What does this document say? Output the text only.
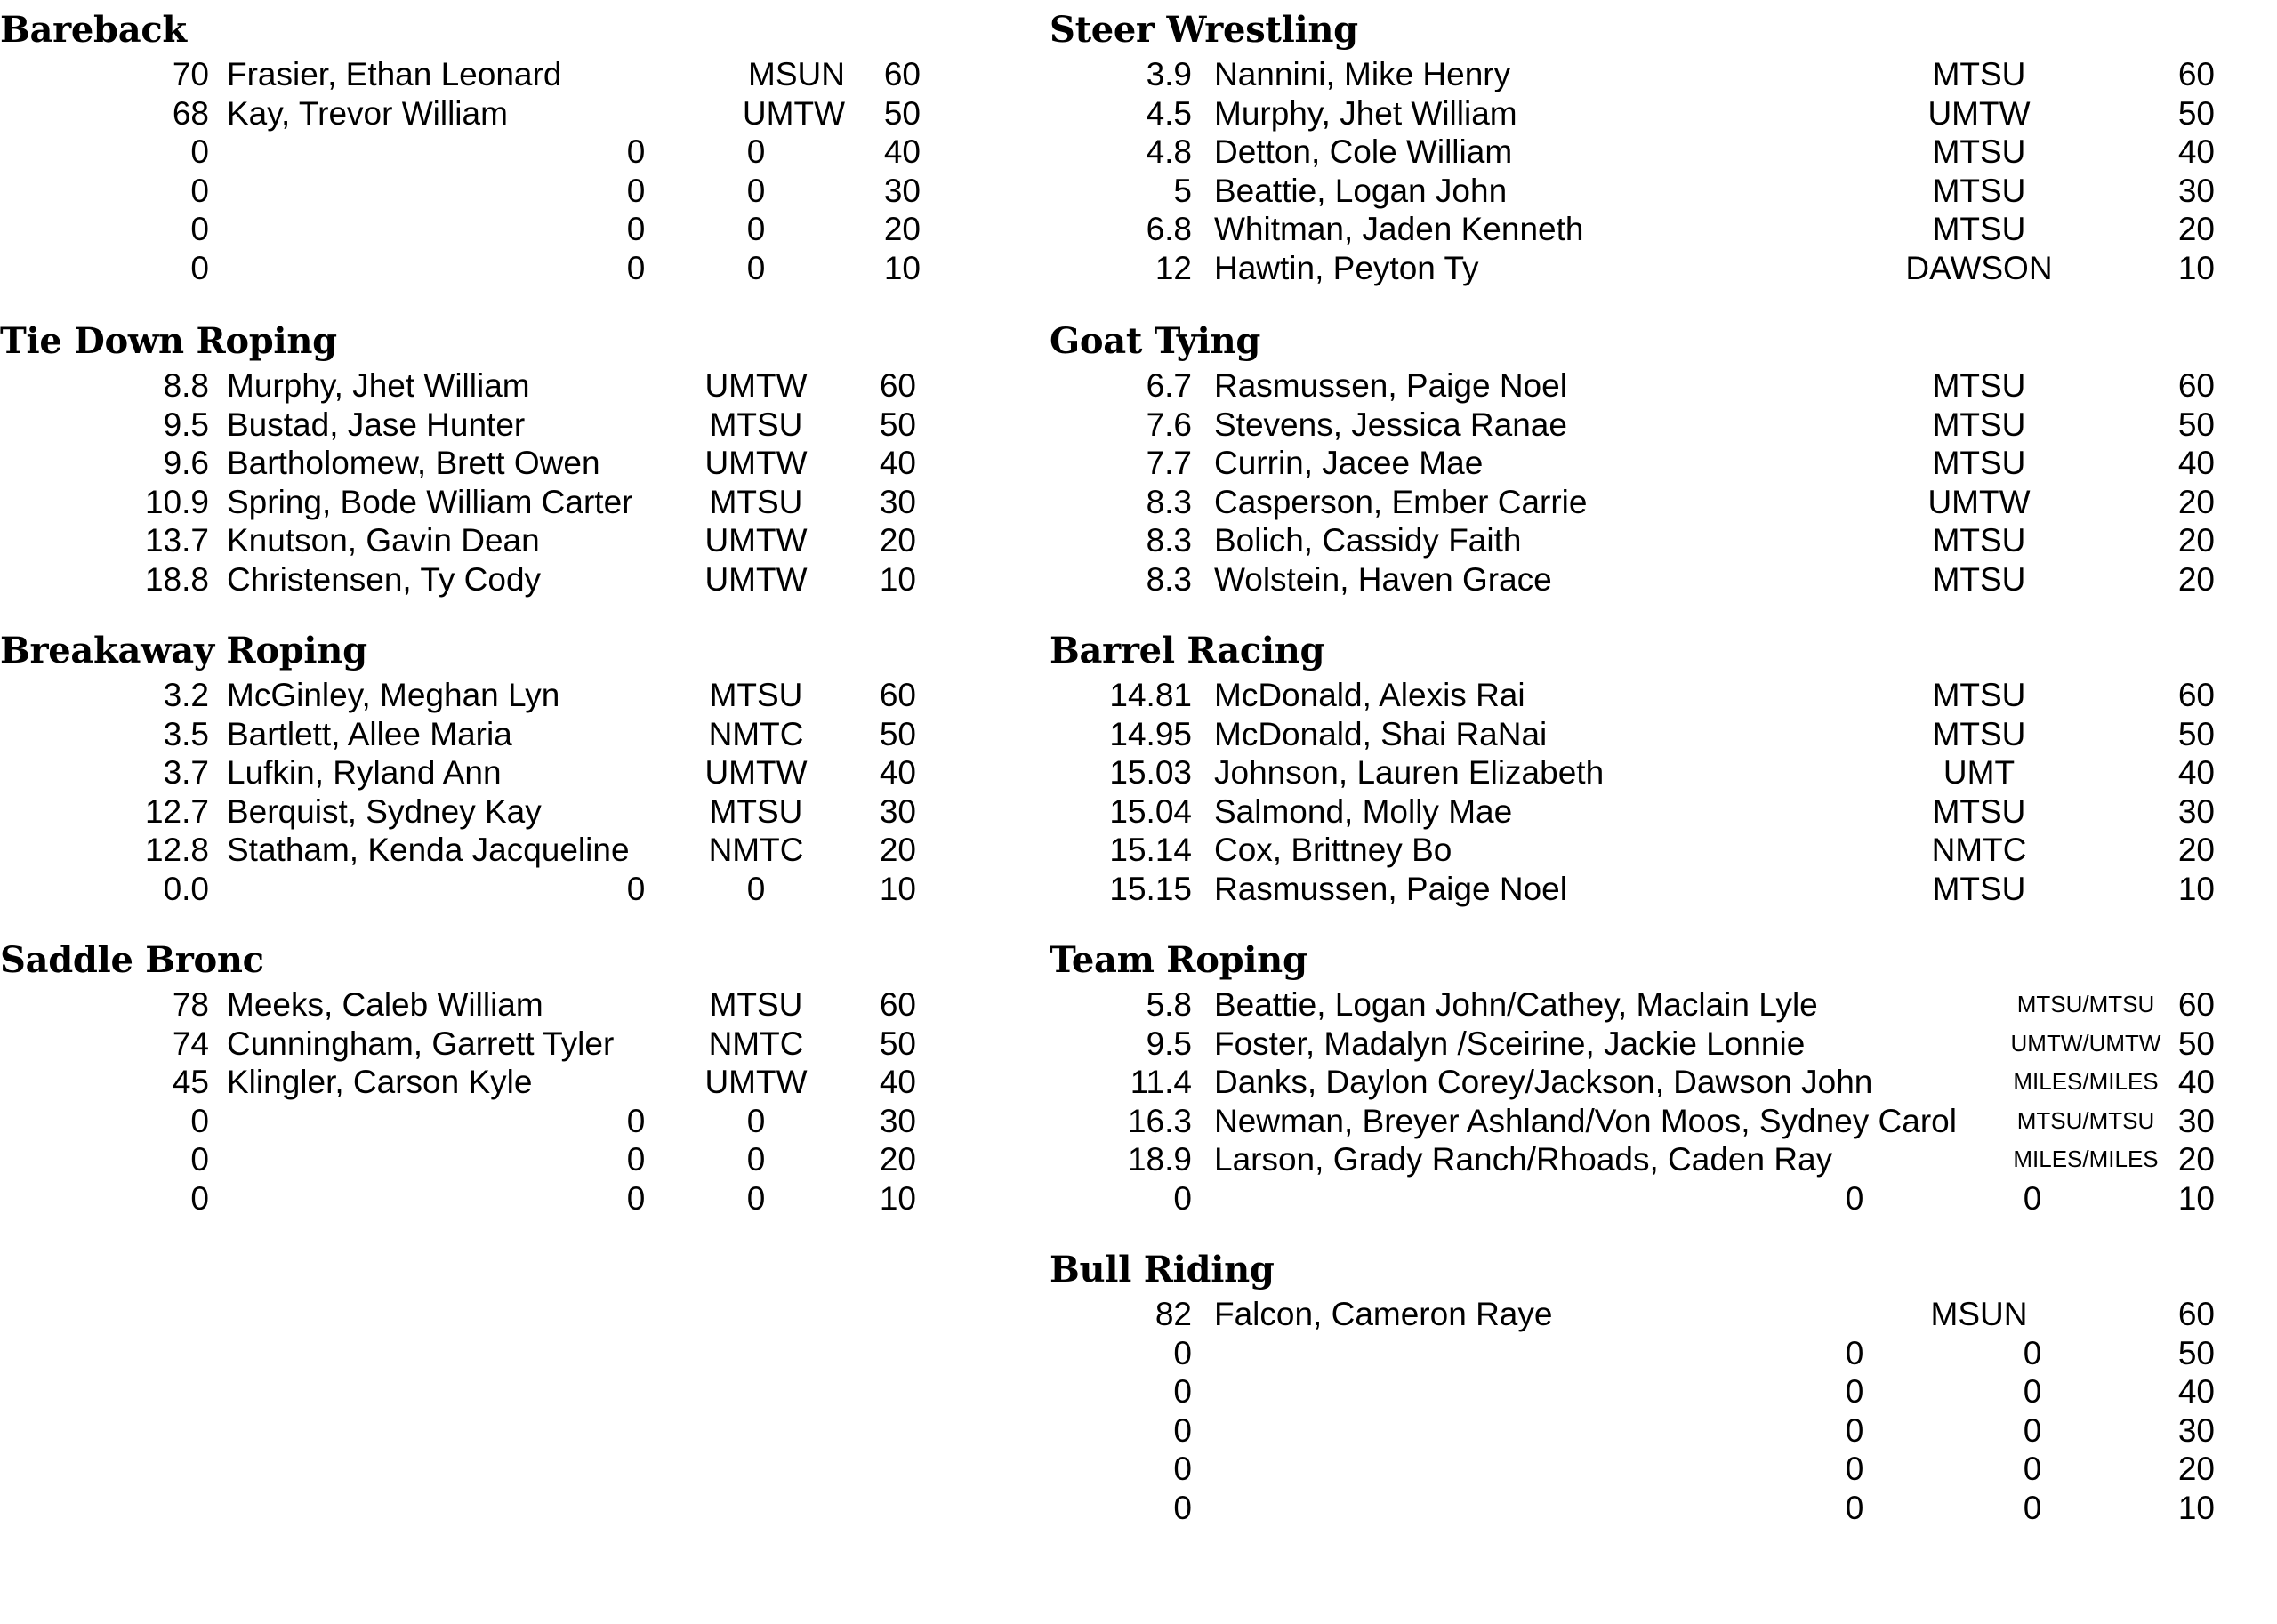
Bareback
70 Frasier, Ethan Leonard	MSUN	60
68 Kay, Trevor William	UMTW	50
0	0	0	40
0	0	0	30
0	0	0	20
0	0	0	10
Tie Down Roping
8.8 Murphy, Jhet William	UMTW	60
9.5 Bustad, Jase Hunter	MTSU	50
9.6 Bartholomew, Brett Owen	UMTW	40
10.9 Spring, Bode William Carter	MTSU	30
13.7 Knutson, Gavin Dean	UMTW	20
18.8 Christensen, Ty Cody	UMTW	10
Breakaway Roping
3.2 McGinley, Meghan Lyn	MTSU	60
3.5 Bartlett, Allee Maria	NMTC	50
3.7 Lufkin, Ryland Ann	UMTW	40
12.7 Berquist, Sydney Kay	MTSU	30
12.8 Statham, Kenda Jacqueline	NMTC	20
0.0	0	0	10
Saddle Bronc
78 Meeks, Caleb William	MTSU	60
74 Cunningham, Garrett Tyler	NMTC	50
45 Klingler, Carson Kyle	UMTW	40
0	0	0	30
0	0	0	20
0	0	0	10
Steer Wrestling
3.9 Nannini, Mike Henry	MTSU	60
4.5 Murphy, Jhet William	UMTW	50
4.8 Detton, Cole William	MTSU	40
5 Beattie, Logan John	MTSU	30
6.8 Whitman, Jaden Kenneth	MTSU	20
12 Hawtin, Peyton Ty	DAWSON	10
Goat Tying
6.7 Rasmussen, Paige Noel	MTSU	60
7.6 Stevens, Jessica Ranae	MTSU	50
7.7 Currin, Jacee Mae	MTSU	40
8.3 Casperson, Ember Carrie	UMTW	20
8.3 Bolich, Cassidy Faith	MTSU	20
8.3 Wolstein, Haven Grace	MTSU	20
Barrel Racing
14.81 McDonald, Alexis Rai	MTSU	60
14.95 McDonald, Shai RaNai	MTSU	50
15.03 Johnson, Lauren Elizabeth	UMT	40
15.04 Salmond, Molly Mae	MTSU	30
15.14 Cox, Brittney Bo	NMTC	20
15.15 Rasmussen, Paige Noel	MTSU	10
Team Roping
5.8 Beattie, Logan John/Cathey, Maclain Lyle	MTSU/MTSU 60
9.5 Foster, Madalyn /Sceirine, Jackie Lonnie	UMTW/UMTW 50
11.4 Danks, Daylon Corey/Jackson, Dawson John	MILES/MILES 40
16.3 Newman, Breyer Ashland/Von Moos, Sydney Carol	MTSU/MTSU 30
18.9 Larson, Grady Ranch/Rhoads, Caden Ray	MILES/MILES 20
0	0	0	10
Bull Riding
82 Falcon, Cameron Raye	MSUN	60
0	0	0	50
0	0	0	40
0	0	0	30
0	0	0	20
0	0	0	10
